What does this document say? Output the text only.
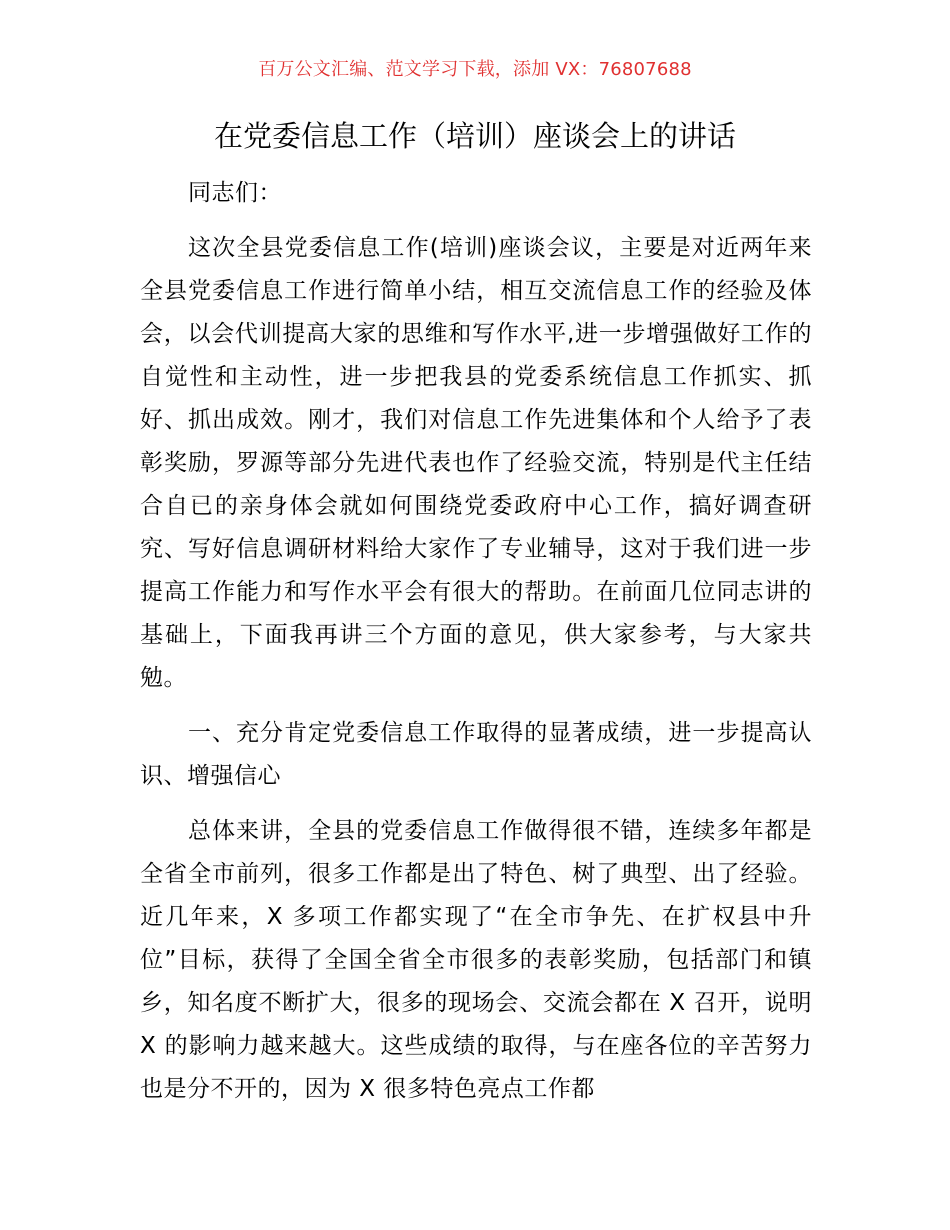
百万公文汇编、范文学习下载，添加 VX：76807688
在党委信息工作（培训）座谈会上的讲话

同志们：

这次全县党委信息工作(培训)座谈会议，主要是对近两年来全县党委信息工作进行简单小结，相互交流信息工作的经验及体会，以会代训提高大家的思维和写作水平,进一步增强做好工作的自觉性和主动性，进一步把我县的党委系统信息工作抓实、抓好、抓出成效。刚才，我们对信息工作先进集体和个人给予了表彰奖励，罗源等部分先进代表也作了经验交流，特别是代主任结合自已的亲身体会就如何围绕党委政府中心工作，搞好调查研究、写好信息调研材料给大家作了专业辅导，这对于我们进一步提高工作能力和写作水平会有很大的帮助。在前面几位同志讲的基础上，下面我再讲三个方面的意见，供大家参考，与大家共勉。

一、充分肯定党委信息工作取得的显著成绩，进一步提高认识、增强信心

总体来讲，全县的党委信息工作做得很不错，连续多年都是全省全市前列，很多工作都是出了特色、树了典型、出了经验。近几年来，X 多项工作都实现了“在全市争先、在扩权县中升位”目标，获得了全国全省全市很多的表彰奖励，包括部门和镇乡，知名度不断扩大，很多的现场会、交流会都在 X 召开，说明 X 的影响力越来越大。这些成绩的取得，与在座各位的辛苦努力也是分不开的，因为 X 很多特色亮点工作都
